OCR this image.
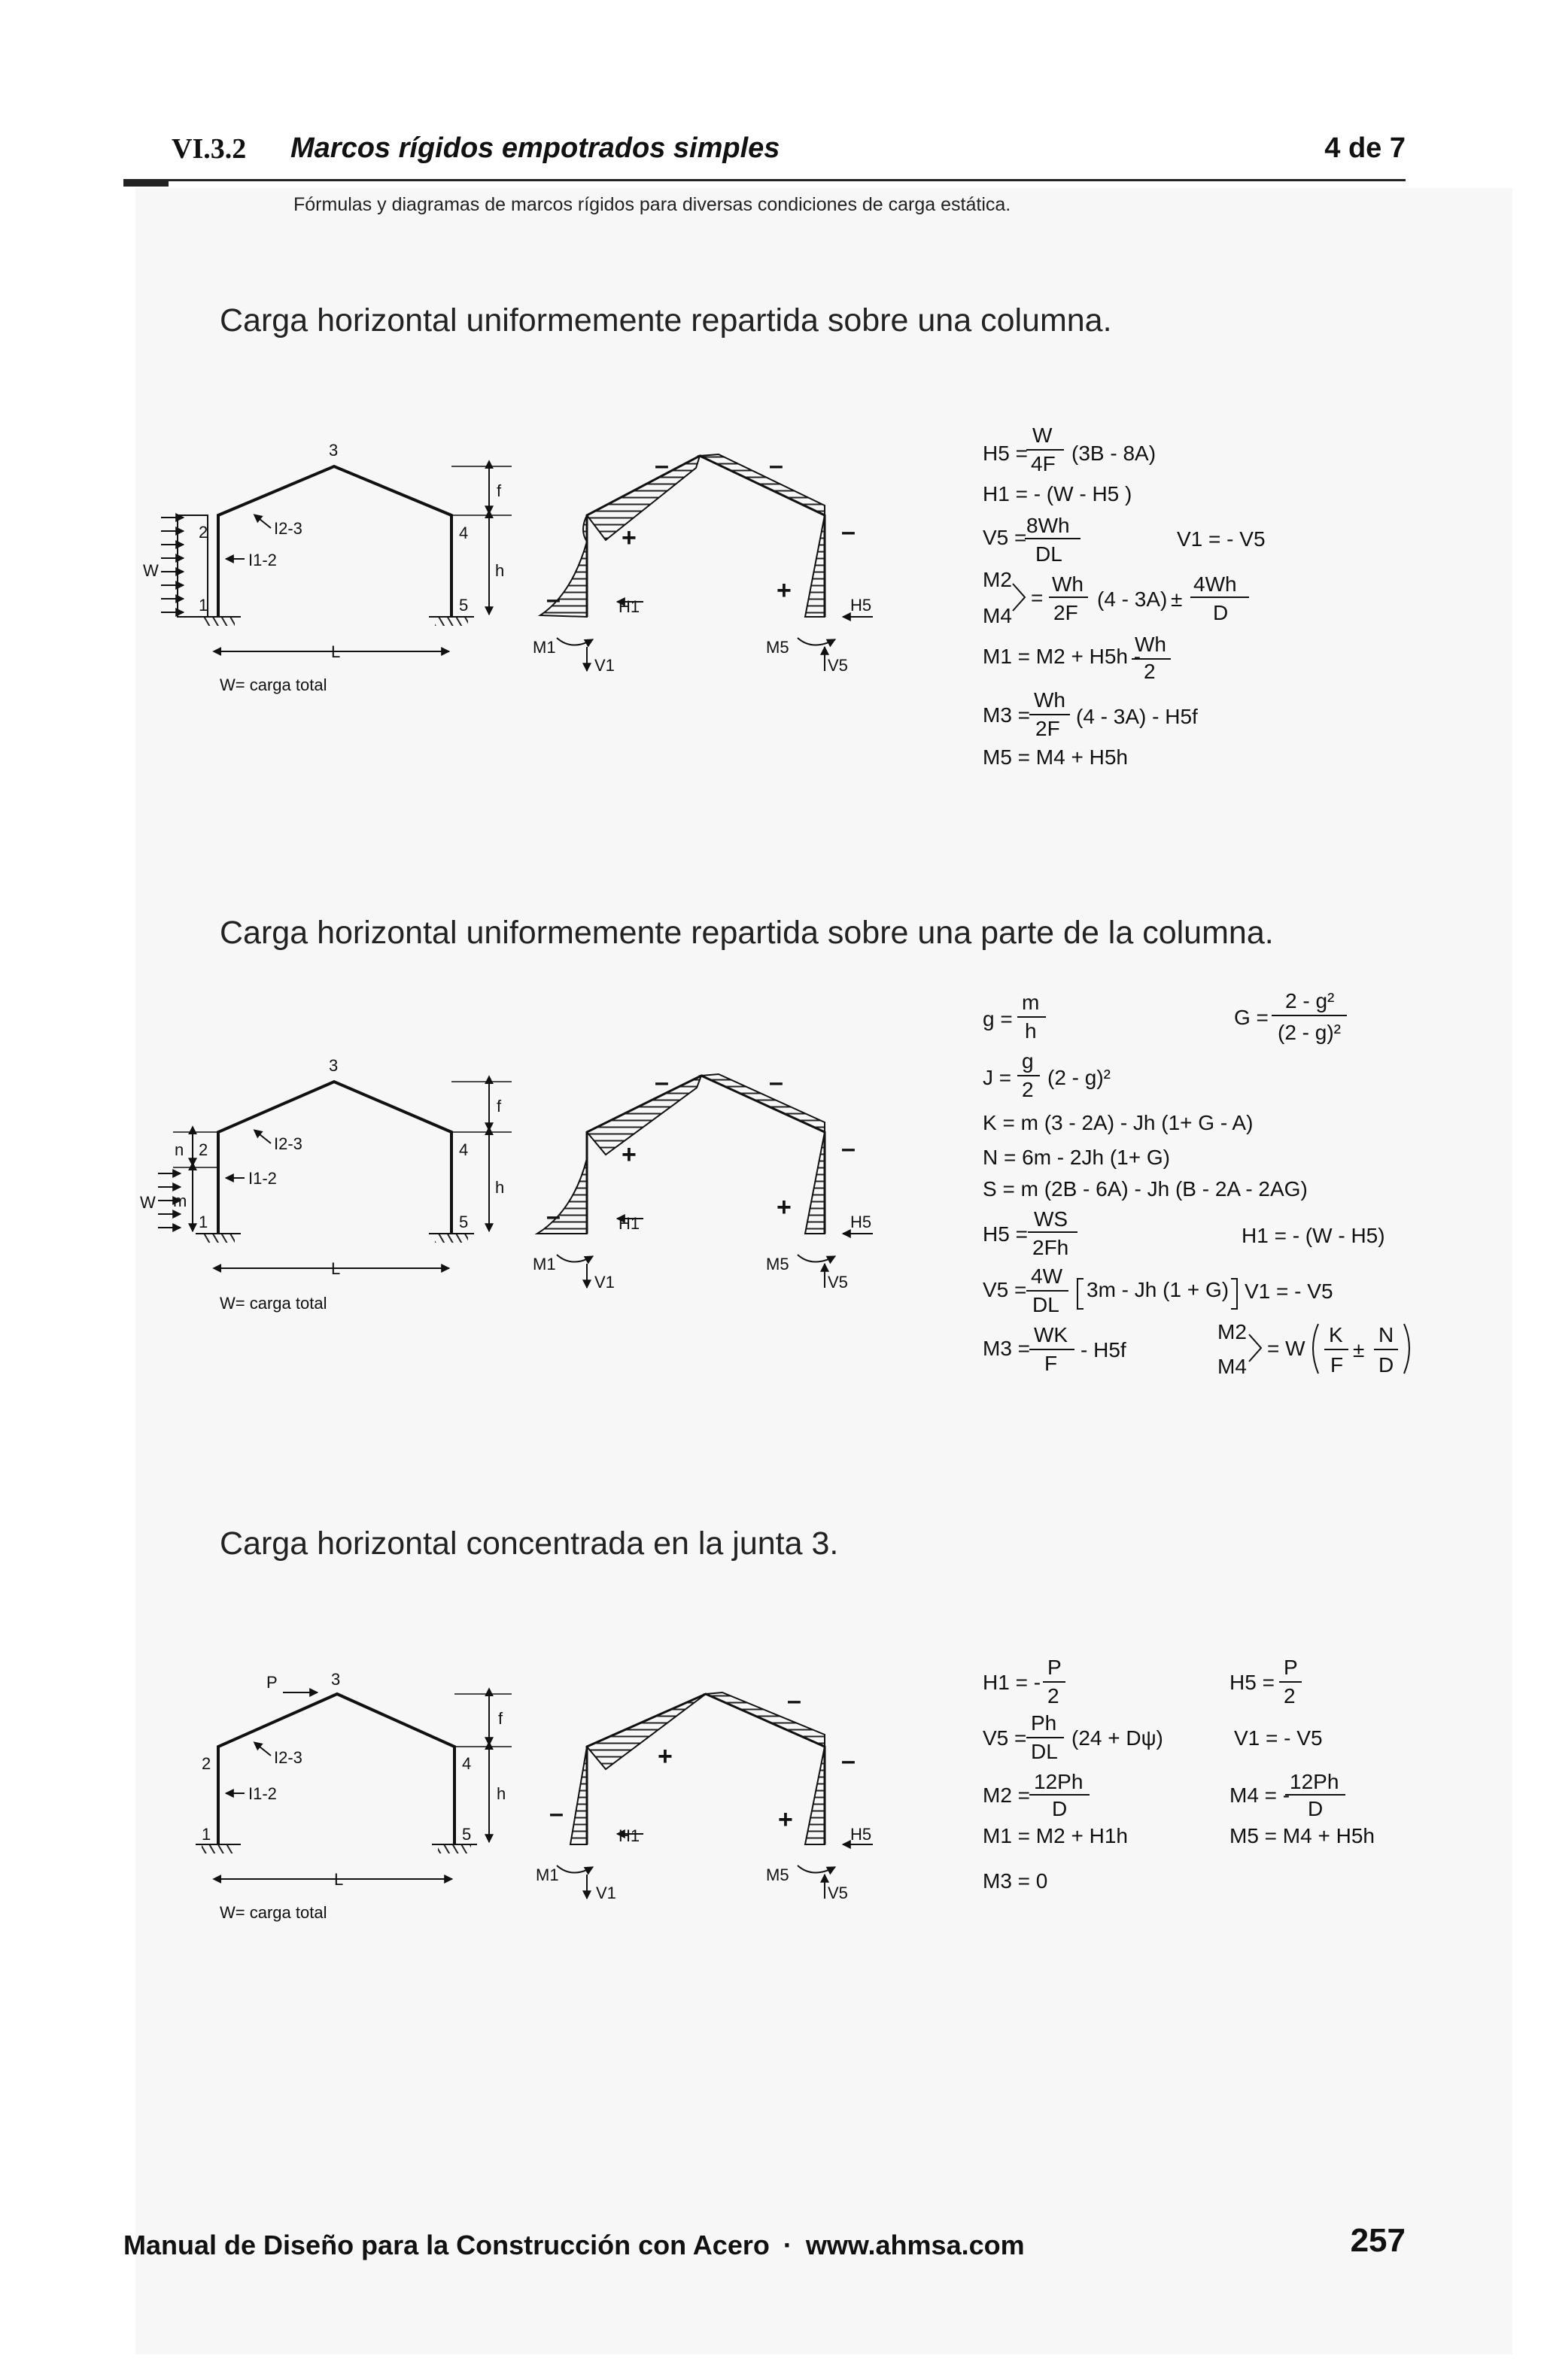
VI.3.2 Marcos rígidos empotrados simples	4 de 7
Fórmulas y diagramas de marcos rígidos para diversas condiciones de carga estática.
Carga horizontal uniformemente repartida sobre una columna.
Carga horizontal uniformemente repartida sobre una parte de la columna.
Carga horizontal concentrada en la junta 3.
3
2
1
4
5
I2-3
I1-2
W
f
h
L
W= carga total
M1
V1
H1
M5
V5
H5
+
+
–	–
–
–
H5 =
W
4F (3B - 8A)
H1 = - (W - H5 )
V5 =
8Wh
DL
V1 = - V5
M2
M4
=
Wh
2F
(4 - 3A) ±
4Wh
D
M1 = M2 + H5h -
Wh
2
M3 =
Wh
2F
(4 - 3A) - H5f
M5 = M4 + H5h
3
2
1
4
5
I2-3
I1-2
W
n
m
f
h
L
W= carga total
M1
V1
H1
M5
V5
H5
+
+
–	–
–
–
g =
m
h
G =
2 - g²
(2 - g)²
J =
g
2
(2 - g)²
K = m (3 - 2A) - Jh (1+ G - A)
N = 6m - 2Jh (1+ G)
S = m (2B - 6A) - Jh (B - 2A - 2AG)
H5 =
WS
2Fh
H1 = - (W - H5)
V5 =
4W
DL
3m - Jh (1 + G) V1 = - V5
M3 =
WK
F
- H5f
M2
M4
= W
K
F
±
N
D
3
P
2
1
4
5
I2-3
I1-2
f
h
L
W= carga total
M1
V1
H1
M5
V5
H5
+
+
–
–
–
H1 = -
P
2
H5 =
P
2
V5 =
Ph
DL
(24 + Dψ)	V1 = - V5
M2 =
12Ph
D
M4 = -
12Ph
D
M1 = M2 + H1h	M5 = M4 + H5h
M3 = 0
Manual de Diseño para la Construcción con Acero · www.ahmsa.com	257
